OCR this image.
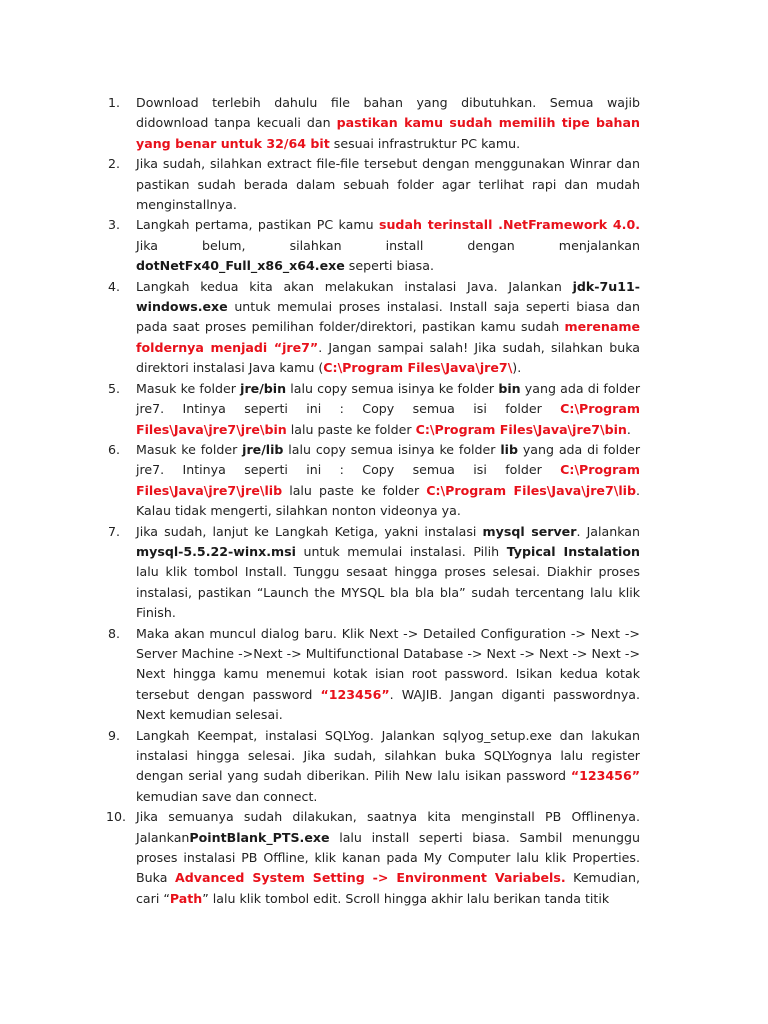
1.	Download terlebih dahulu file bahan yang dibutuhkan. Semua wajib didownload tanpa kecuali dan pastikan kamu sudah memilih tipe bahan yang benar untuk 32/64 bit sesuai infrastruktur PC kamu.
2.	Jika sudah, silahkan extract file-file tersebut dengan menggunakan Winrar dan pastikan sudah berada dalam sebuah folder agar terlihat rapi dan mudah menginstallnya.
3.	Langkah pertama, pastikan PC kamu sudah terinstall .NetFramework 4.0. Jika belum, silahkan install dengan menjalankan dotNetFx40_Full_x86_x64.exe seperti biasa.
4.	Langkah kedua kita akan melakukan instalasi Java. Jalankan jdk-7u11-windows.exe untuk memulai proses instalasi. Install saja seperti biasa dan pada saat proses pemilihan folder/direktori, pastikan kamu sudah merename foldernya menjadi “jre7”. Jangan sampai salah! Jika sudah, silahkan buka direktori instalasi Java kamu (C:\Program Files\Java\jre7\).
5.	Masuk ke folder jre/bin lalu copy semua isinya ke folder bin yang ada di folder jre7. Intinya seperti ini : Copy semua isi folder C:\Program Files\Java\jre7\jre\bin lalu paste ke folder C:\Program Files\Java\jre7\bin.
6.	Masuk ke folder jre/lib lalu copy semua isinya ke folder lib yang ada di folder jre7. Intinya seperti ini : Copy semua isi folder C:\Program Files\Java\jre7\jre\lib lalu paste ke folder C:\Program Files\Java\jre7\lib. Kalau tidak mengerti, silahkan nonton videonya ya.
7.	Jika sudah, lanjut ke Langkah Ketiga, yakni instalasi mysql server. Jalankan mysql-5.5.22-winx.msi untuk memulai instalasi. Pilih Typical Instalation lalu klik tombol Install. Tunggu sesaat hingga proses selesai. Diakhir proses instalasi, pastikan “Launch the MYSQL bla bla bla” sudah tercentang lalu klik Finish.
8.	Maka akan muncul dialog baru. Klik Next -> Detailed Configuration -> Next -> Server Machine ->Next -> Multifunctional Database -> Next -> Next -> Next -> Next hingga kamu menemui kotak isian root password. Isikan kedua kotak tersebut dengan password “123456”. WAJIB. Jangan diganti passwordnya. Next kemudian selesai.
9.	Langkah Keempat, instalasi SQLYog. Jalankan sqlyog_setup.exe dan lakukan instalasi hingga selesai. Jika sudah, silahkan buka SQLYognya lalu register dengan serial yang sudah diberikan. Pilih New lalu isikan password “123456” kemudian save dan connect.
10. Jika semuanya sudah dilakukan, saatnya kita menginstall PB Offlinenya. JalankanPointBlank_PTS.exe lalu install seperti biasa. Sambil menunggu proses instalasi PB Offline, klik kanan pada My Computer lalu klik Properties. Buka Advanced System Setting -> Environment Variabels. Kemudian, cari “Path” lalu klik tombol edit. Scroll hingga akhir lalu berikan tanda titik
